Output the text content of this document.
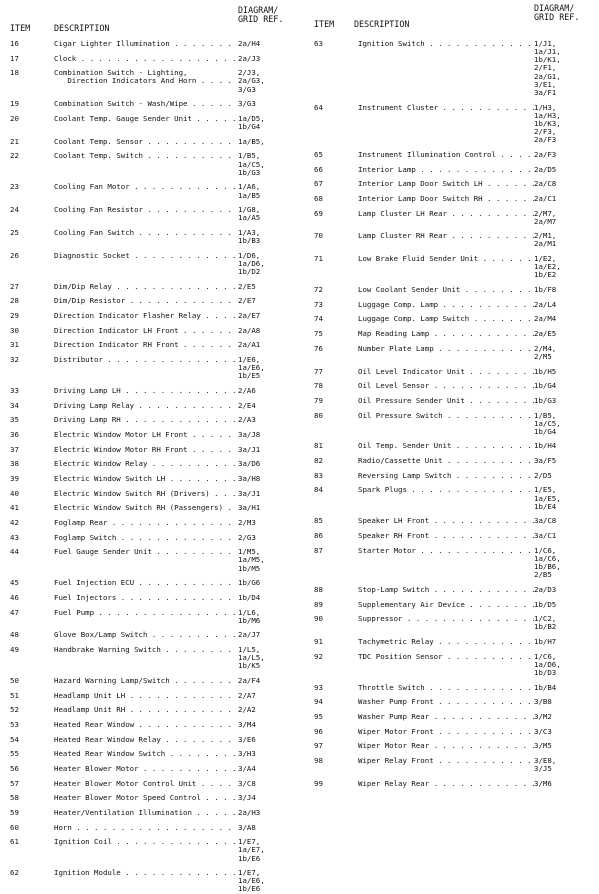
ITEM	DESCRIPTION
DIAGRAM/
GRID REF.
16	Cigar Lighter Illumination . . .	2a/H4
17	Clock . . .	2a/J3
18	Combination Switch - Lighting,
Direction Indicators And Horn . . .
2/J3,
2a/G3,
3/G3
19	Combination Switch - Wash/Wipe . . .	3/G3
20	Coolant Temp. Gauge Sender Unit . . .	1a/D5,
1b/G4
21	Coolant Temp. Sensor . . .	1a/B5,
22	Coolant Temp. Switch . . .	1/B5,
1a/C5,
1b/G3
23	Cooling Fan Motor . . .	1/A6,
1a/B5
24	Cooling Fan Resistor . . .	1/G8,
1a/A5
25	Cooling Fan Switch . . .	1/A3,
1b/B3
26	Diagnostic Socket . . .	1/D6,
1a/D6,
1b/D2
27	Dim/Dip Relay . . .	2/E5
28	Dim/Dip Resistor . . .	2/E7
29	Direction Indicator Flasher Relay . . .	2a/E7
30	Direction Indicator LH Front . . .	2a/A8
31	Direction Indicator RH Front . . .	2a/A1
32	Distributor . . .	1/E6,
1a/E6,
1b/E5
33	Driving Lamp LH . . .	2/A6
34	Driving Lamp Relay . . .	2/E4
35	Driving Lamp RH . . .	2/A3
36	Electric Window Motor LH Front . . .	3a/J8
37	Electric Window Motor RH Front . . .	3a/J1
38	Electric Window Relay . . .	3a/D6
39	Electric Window Switch LH . . .	3a/H8
40	Electric Window Switch RH (Drivers) . . .	3a/J1
41	Electric Window Switch RH (Passengers) . . .	3a/H1
42	Foglamp Rear . . .	2/M3
43	Foglamp Switch . . .	2/G3
44	Fuel Gauge Sender Unit . . .	1/M5,
1a/M5,
1b/M5
45	Fuel Injection ECU . . .	1b/G6
46	Fuel Injectors . . .	1b/D4
47	Fuel Pump . . .	1/L6,
1b/M6
48	Glove Box/Lamp Switch . . .	2a/J7
49	Handbrake Warning Switch . . .	1/L5,
1a/L5,
1b/K5
50	Hazard Warning Lamp/Switch . . .	2a/F4
51	Headlamp Unit LH . . .	2/A7
52	Headlamp Unit RH . . .	2/A2
53	Heated Rear Window . . .	3/M4
54	Heated Rear Window Relay . . .	3/E6
55	Heated Rear Window Switch . . .	3/H3
56	Heater Blower Motor . . .	3/A4
57	Heater Blower Motor Control Unit . . .	3/C8
58	Heater Blower Motor Speed Control . . .	3/J4
59	Heater/Ventilation Illumination . . .	2a/H3
60	Horn . . .	3/A8
61	Ignition Coil . . .	1/E7,
1a/E7,
1b/E6
62	Ignition Module . . .	1/E7,
1a/E6,
1b/E6
ITEM DESCRIPTION
DIAGRAM/
GRID REF.
63	Ignition Switch . . .	1/J1,
1a/J1,
1b/K1,
2/F1,
2a/G1,
3/E1,
3a/F1
64	Instrument Cluster . . .	1/H3,
1a/H3,
1b/K3,
2/F3,
2a/F3
65	Instrument Illumination Control . . .	2a/F3
66	Interior Lamp . . .	2a/D5
67	Interior Lamp Door Switch LH . . .	2a/C8
68	Interior Lamp Door Switch RH . . .	2a/C1
69	Lamp Cluster LH Rear . . .	2/M7,
2a/M7
70	Lamp Cluster RH Rear . . .	2/M1,
2a/M1
71	Low Brake Fluid Sender Unit . . .	1/E2,
1a/E2,
1b/E2
72	Low Coolant Sender Unit . . .	1b/F8
73	Luggage Comp. Lamp . . .	2a/L4
74	Luggage Comp. Lamp Switch . . .	2a/M4
75	Map Reading Lamp . . .	2a/E5
76	Number Plate Lamp . . .	2/M4,
2/M5
77	Oil Level Indicator Unit . . .	1b/H5
78	Oil Level Sensor . . .	1b/G4
79	Oil Pressure Sender Unit . . .	1b/G3
80	Oil Pressure Switch . . .	1/B5,
1a/C5,
1b/G4
81	Oil Temp. Sender Unit . . .	1b/H4
82	Radio/Cassette Unit . . .	3a/F5
83	Reversing Lamp Switch . . .	2/D5
84	Spark Plugs . . .	1/E5,
1a/E5,
1b/E4
85	Speaker LH Front . . .	3a/C8
86	Speaker RH Front . . .	3a/C1
87	Starter Motor . . .	1/C6,
1a/C6,
1b/B6,
2/B5
88	Stop-Lamp Switch . . .	2a/D3
89	Supplementary Air Device . . .	1b/D5
90	Suppressor . . .	1/C2,
1b/B2
91	Tachymetric Relay . . .	1b/H7
92	TDC Position Sensor . . .	1/C6,
1a/D6,
1b/D3
93	Throttle Switch . . .	1b/B4
94	Washer Pump Front . . .	3/B8
95	Washer Pump Rear . . .	3/M2
96	Wiper Motor Front . . .	3/C3
97	Wiper Motor Rear . . .	3/M5
98	Wiper Relay Front . . .	3/E8,
3/J5
99	Wiper Relay Rear . . .	3/M6
